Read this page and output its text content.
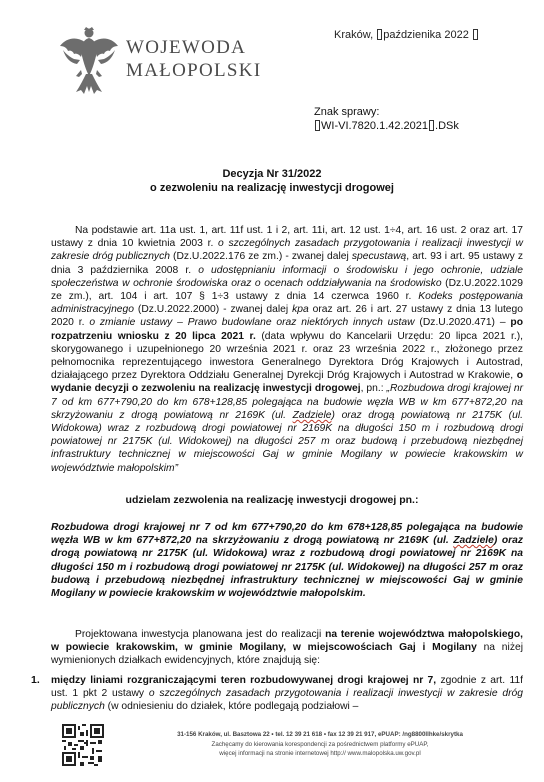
WOJEWODA
MAŁOPOLSKI
Kraków, paździenika 2022
Znak sprawy:
WI-VI.7820.1.42.2021 .DSk
Decyzja Nr 31/2022
o zezwoleniu na realizację inwestycji drogowej
Na podstawie art. 11a ust. 1, art. 11f ust. 1 i 2, art. 11i, art. 12 ust. 1÷4, art. 16 ust. 2 oraz art. 17 ustawy z dnia 10 kwietnia 2003 r. o szczególnych zasadach przygotowania i realizacji inwestycji w zakresie dróg publicznych (Dz.U.2022.176 ze zm.) - zwanej dalej specustawą, art. 93 i art. 95 ustawy z dnia 3 października 2008 r. o udostępnianiu informacji o środowisku i jego ochronie, udziale społeczeństwa w ochronie środowiska oraz o ocenach oddziaływania na środowisko (Dz.U.2022.1029 ze zm.), art. 104 i art. 107 § 1÷3 ustawy z dnia 14 czerwca 1960 r. Kodeks postępowania administracyjnego (Dz.U.2022.2000) - zwanej dalej kpa oraz art. 26 i art. 27 ustawy z dnia 13 lutego 2020 r. o zmianie ustawy – Prawo budowlane oraz niektórych innych ustaw (Dz.U.2020.471) – po rozpatrzeniu wniosku z 20 lipca 2021 r. (data wpływu do Kancelarii Urzędu: 20 lipca 2021 r.), skorygowanego i uzupełnionego 20 września 2021 r. oraz 23 września 2022 r., złożonego przez pełnomocnika reprezentującego inwestora Generalnego Dyrektora Dróg Krajowych i Autostrad, działającego przez Dyrektora Oddziału Generalnej Dyrekcji Dróg Krajowych i Autostrad w Krakowie, o wydanie decyzji o zezwoleniu na realizację inwestycji drogowej, pn.: „Rozbudowa drogi krajowej nr 7 od km 677+790,20 do km 678+128,85 polegająca na budowie węzła WB w km 677+872,20 na skrzyżowaniu z drogą powiatową nr 2169K (ul. Zadziele) oraz drogą powiatową nr 2175K (ul. Widokowa) wraz z rozbudową drogi powiatowej nr 2169K na długości 150 m i rozbudową drogi powiatowej nr 2175K (ul. Widokowej) na długości 257 m oraz budową i przebudową niezbędnej infrastruktury technicznej w miejscowości Gaj w gminie Mogilany w powiecie krakowskim w województwie małopolskim”
udzielam zezwolenia na realizację inwestycji drogowej pn.:
Rozbudowa drogi krajowej nr 7 od km 677+790,20 do km 678+128,85 polegająca na budowie węzła WB w km 677+872,20 na skrzyżowaniu z drogą powiatową nr 2169K (ul. Zadziele) oraz drogą powiatową nr 2175K (ul. Widokowa) wraz z rozbudową drogi powiatowej nr 2169K na długości 150 m i rozbudową drogi powiatowej nr 2175K (ul. Widokowej) na długości 257 m oraz budową i przebudową niezbędnej infrastruktury technicznej w miejscowości Gaj w gminie Mogilany w powiecie krakowskim w województwie małopolskim.
Projektowana inwestycja planowana jest do realizacji na terenie województwa małopolskiego, w powiecie krakowskim, w gminie Mogilany, w miejscowościach Gaj i Mogilany na niżej wymienionych działkach ewidencyjnych, które znajdują się:
1. między liniami rozgraniczającymi teren rozbudowywanej drogi krajowej nr 7, zgodnie z art. 11f ust. 1 pkt 2 ustawy o szczególnych zasadach przygotowania i realizacji inwestycji w zakresie dróg publicznych (w odniesieniu do działek, które podlegają podziałowi –
31-156 Kraków, ul. Basztowa 22 • tel. 12 39 21 618 • fax 12 39 21 917, ePUAP: /ng8800llhke/skrytka
Zachęcamy do kierowania korespondencji za pośrednictwem platformy ePUAP,
więcej informacji na stronie internetowej http:// www.malopolska.uw.gov.pl
